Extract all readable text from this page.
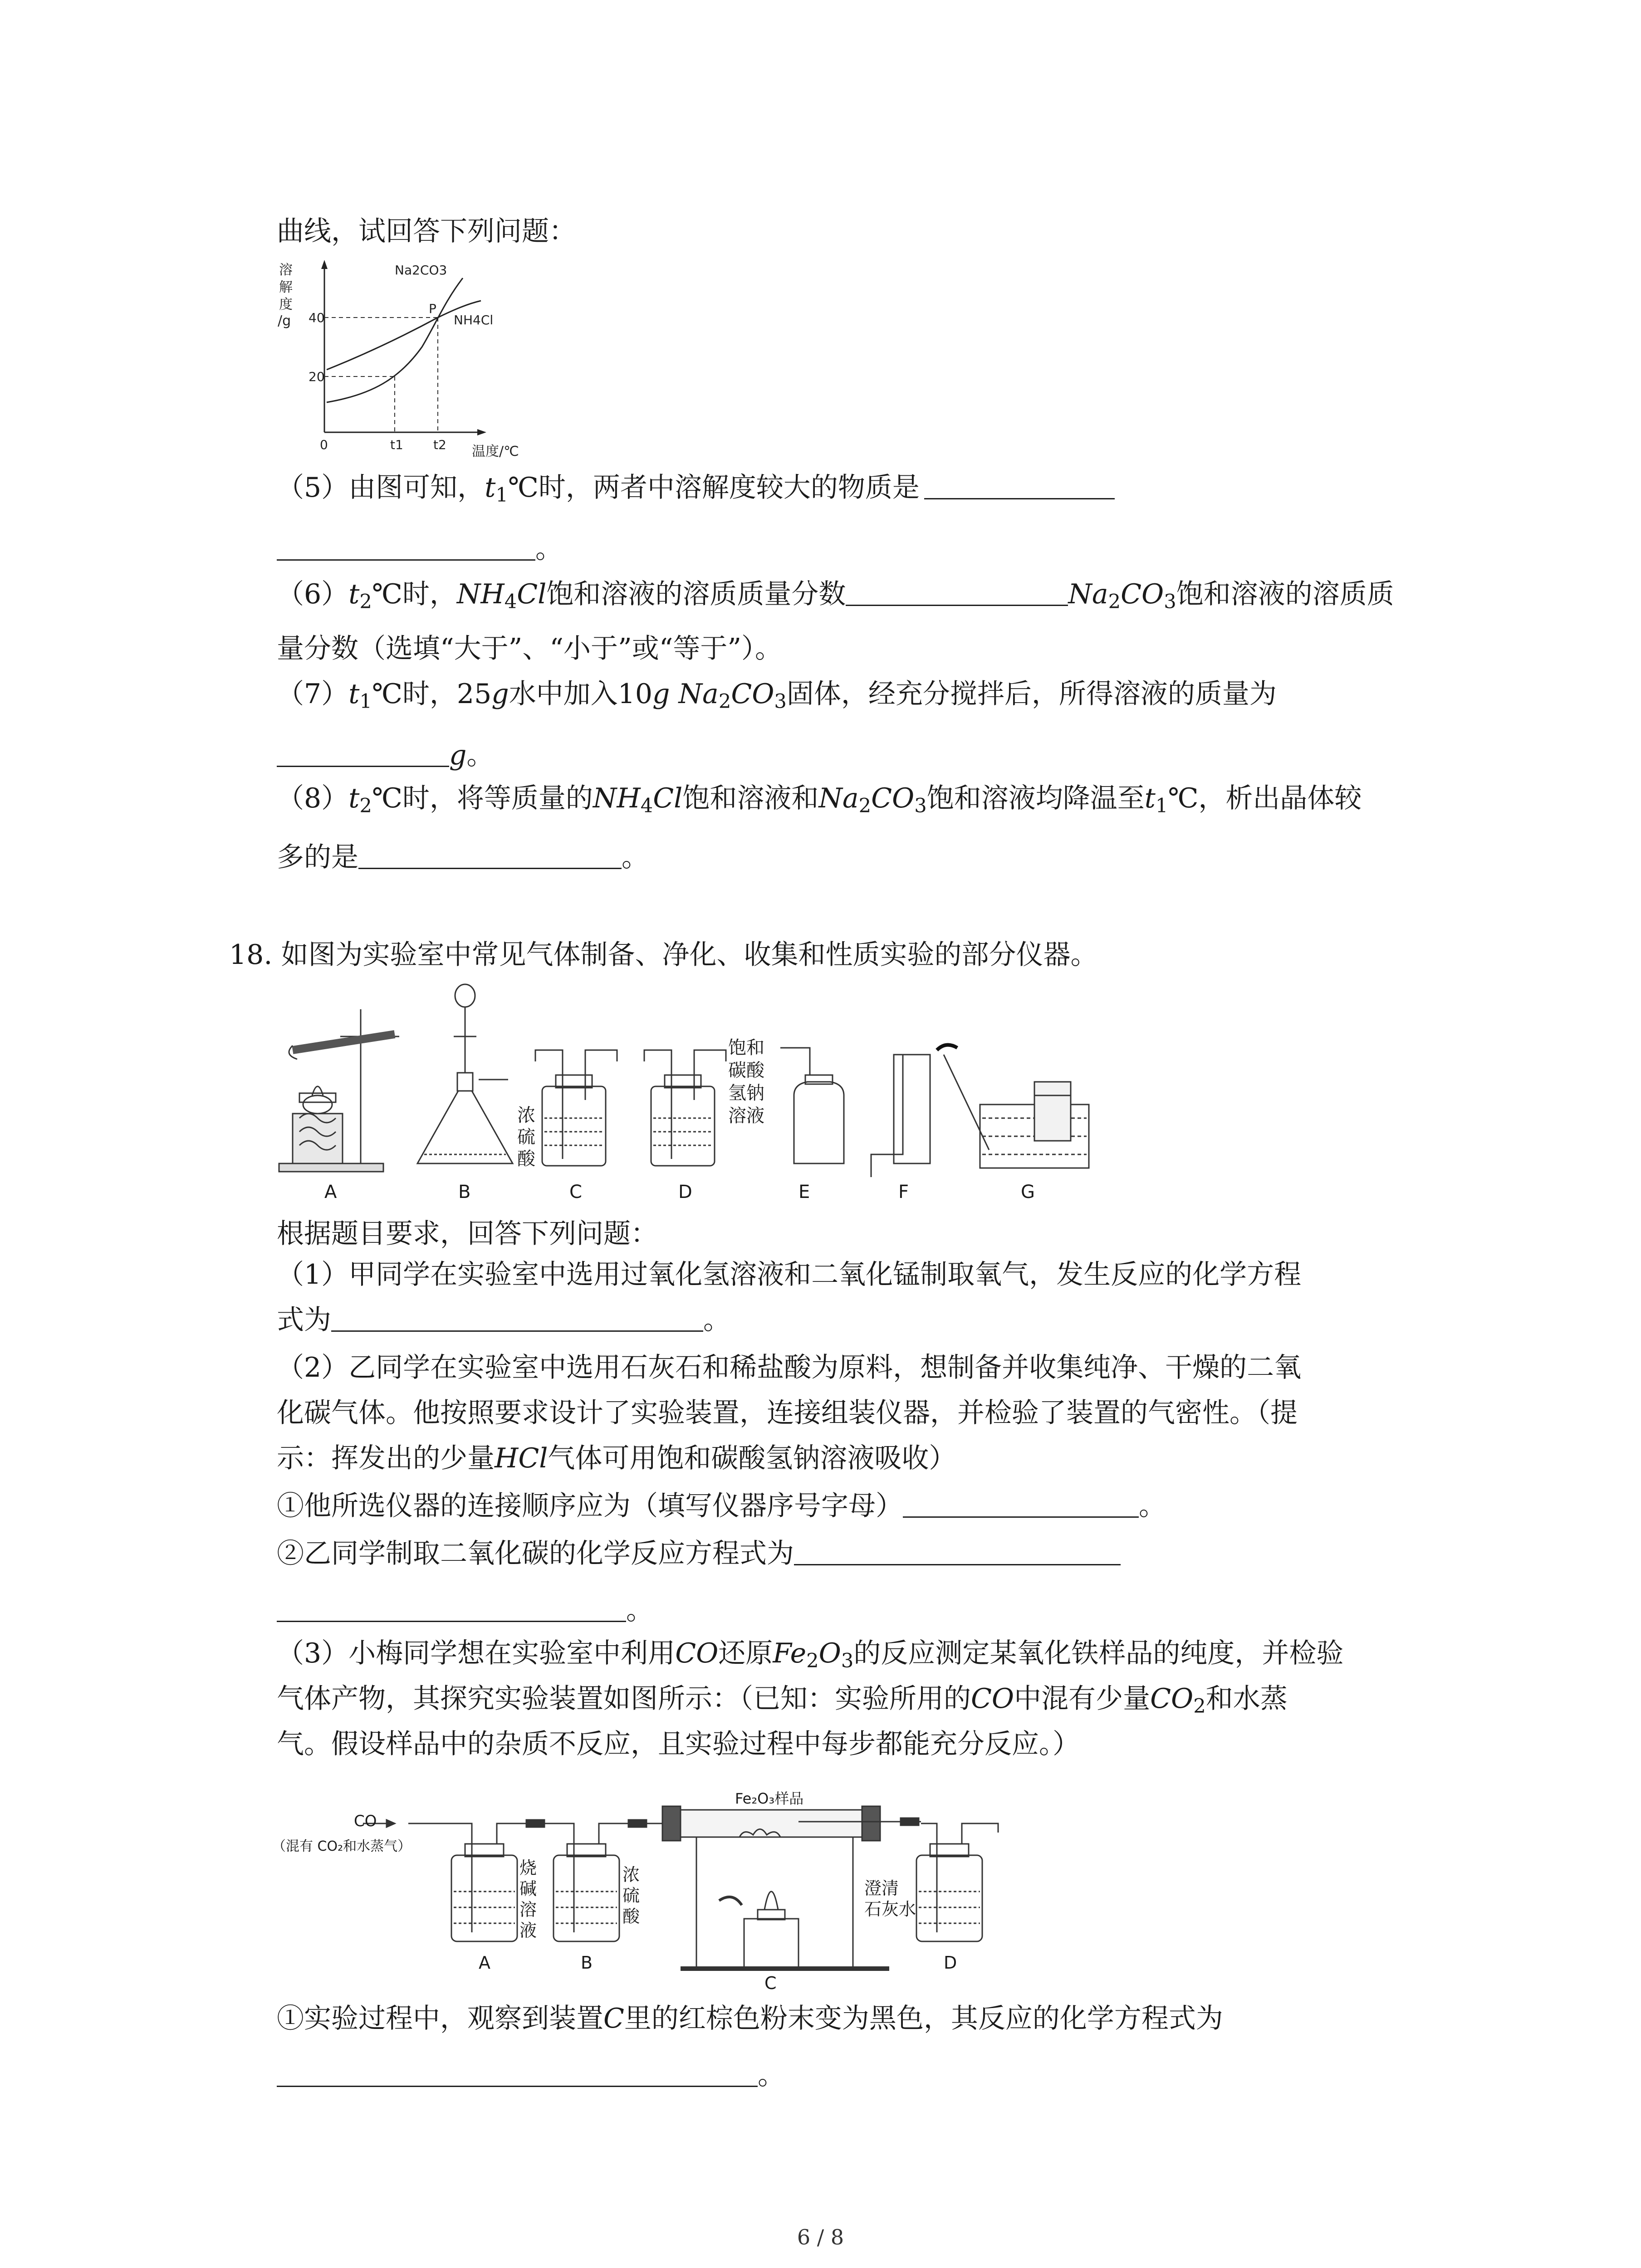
曲线，试回答下列问题：
溶
解
度
/g
Na2CO3
P
NH4Cl
40
20
0	t1 t2 温度/℃
（5）由图可知，$t_1℃$时，两者中溶解度较大的物质是
。
$(6)t_2℃$时，$NH_4Cl$饱和溶液的溶质质量分数	$Na_2CO_3$饱和溶液的溶质质
量分数（选填“大于”、“小于”或“等于”）。
$(7)t_1℃$时，25g水中加入10g $Na_2CO_3$固体，经充分搅拌后，所得溶液的质量为
g。
$(8)t_2℃$时，将等质量的$NH_4Cl$饱和溶液和$Na_2CO_3$饱和溶液均降温至$t_1℃$，析出晶体较
多的是	。
18. 如图为实验室中常见气体制备、净化、收集和性质实验的部分仪器。
浓
硫
酸
饱和
碳酸
氢钠
溶液
A	B	C	D	E	F	G
根据题目要求，回答下列问题：
（1）甲同学在实验室中选用过氧化氢溶液和二氧化锰制取氧气，发生反应的化学方程
式为	。
（2）乙同学在实验室中选用石灰石和稀盐酸为原料，想制备并收集纯净、干燥的二氧
化碳气体。他按照要求设计了实验装置，连接组装仪器，并检验了装置的气密性。（提
示：挥发出的少量HCl气体可用饱和碳酸氢钠溶液吸收）
①他所选仪器的连接顺序应为（填写仪器序号字母）	。
②乙同学制取二氧化碳的化学反应方程式为
。
（3）小梅同学想在实验室中利用CO还原$Fe_2O_3$的反应测定某氧化铁样品的纯度，并检验
气体产物，其探究实验装置如图所示：（已知：实验所用的CO中混有少量$CO_2$和水蒸
气。假设样品中的杂质不反应，且实验过程中每步都能充分反应。）
CO
（混有 CO₂和水蒸气）
Fe₂O₃样品
烧
碱
溶
液
浓
硫
酸
澄清
石灰水
A	B
C
D
①实验过程中，观察到装置C里的红棕色粉末变为黑色，其反应的化学方程式为
。
6 / 8
